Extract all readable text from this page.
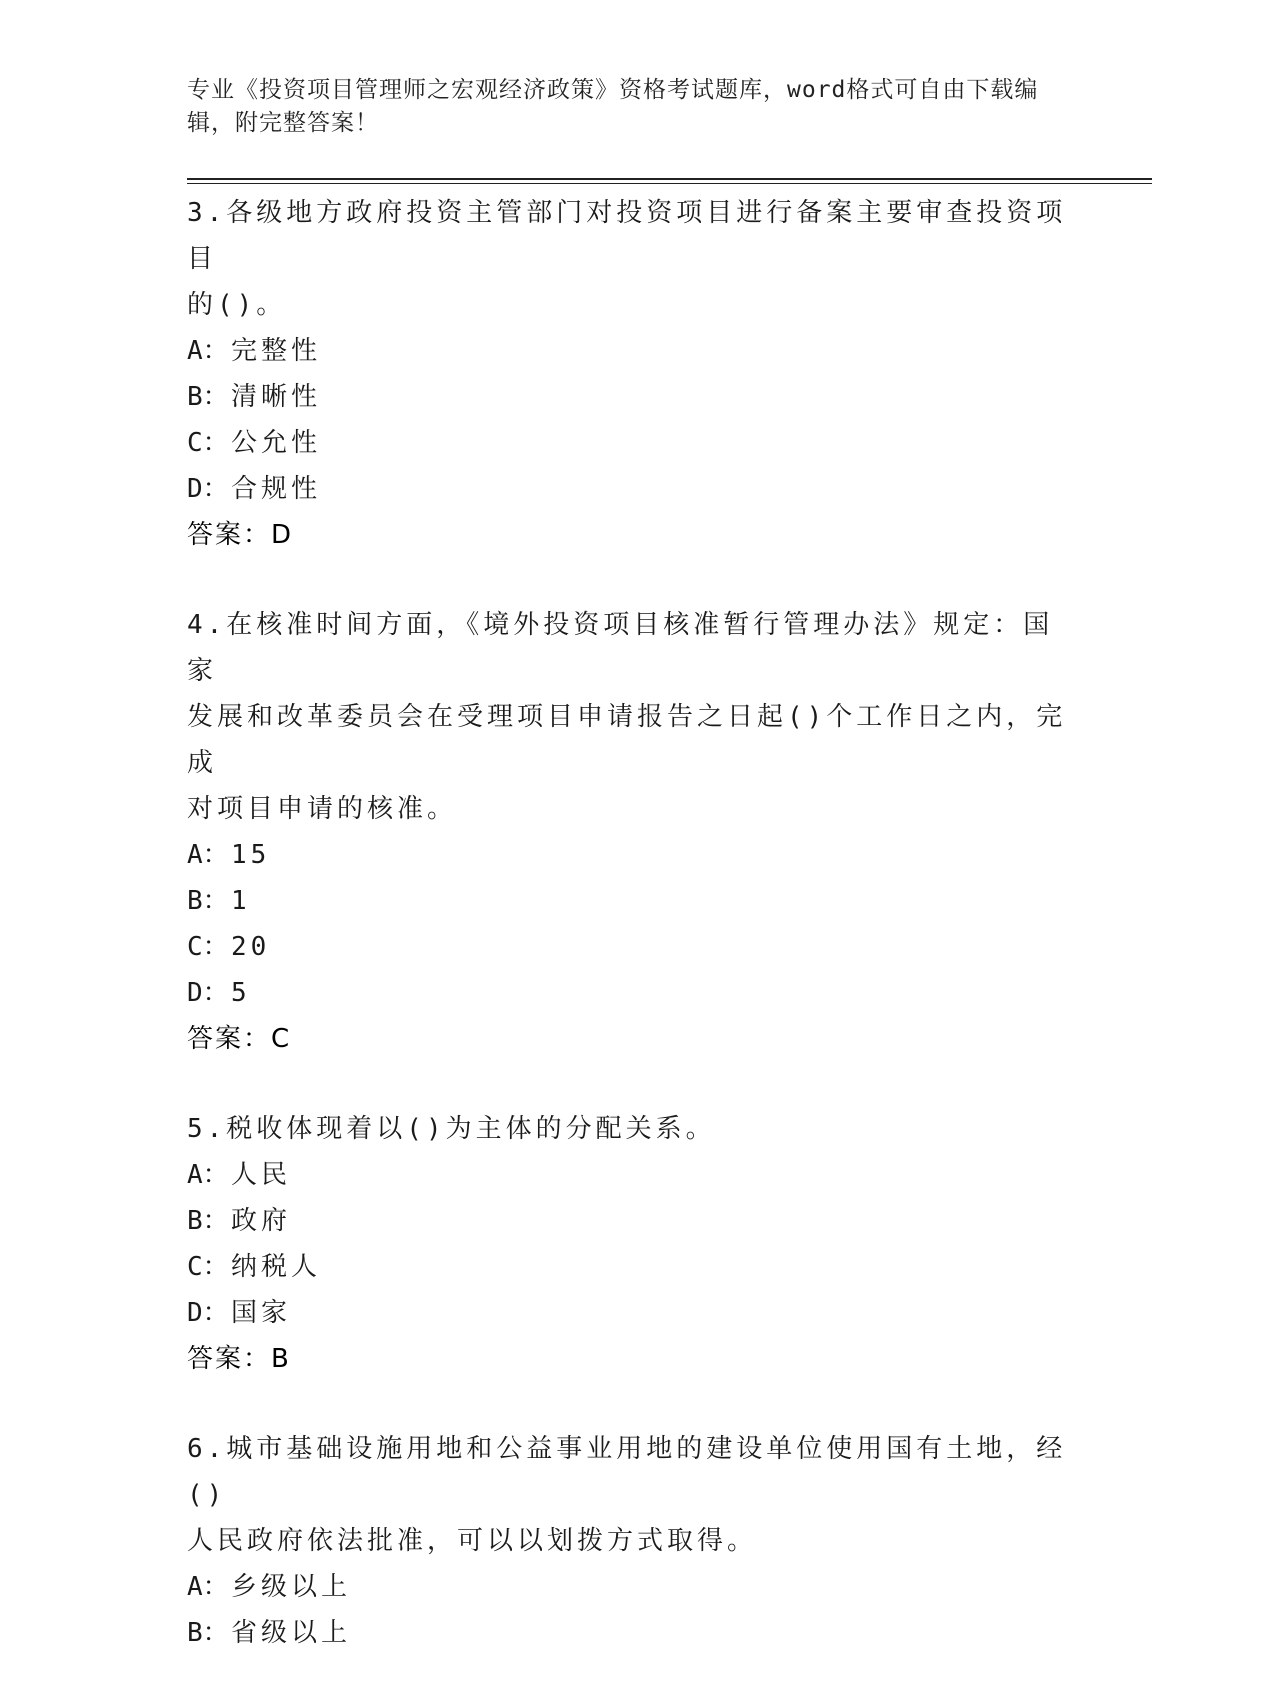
专业《投资项目管理师之宏观经济政策》资格考试题库，word格式可自由下载编
辑，附完整答案！
3.各级地方政府投资主管部门对投资项目进行备案主要审查投资项目
的()。
A：完整性
B：清晰性
C：公允性
D：合规性
答案：D
4.在核准时间方面，《境外投资项目核准暂行管理办法》规定：国家
发展和改革委员会在受理项目申请报告之日起()个工作日之内，完成
对项目申请的核准。
A：15
B：1
C：20
D：5
答案：C
5.税收体现着以()为主体的分配关系。
A：人民
B：政府
C：纳税人
D：国家
答案：B
6.城市基础设施用地和公益事业用地的建设单位使用国有土地，经()
人民政府依法批准，可以以划拨方式取得。
A：乡级以上
B：省级以上
